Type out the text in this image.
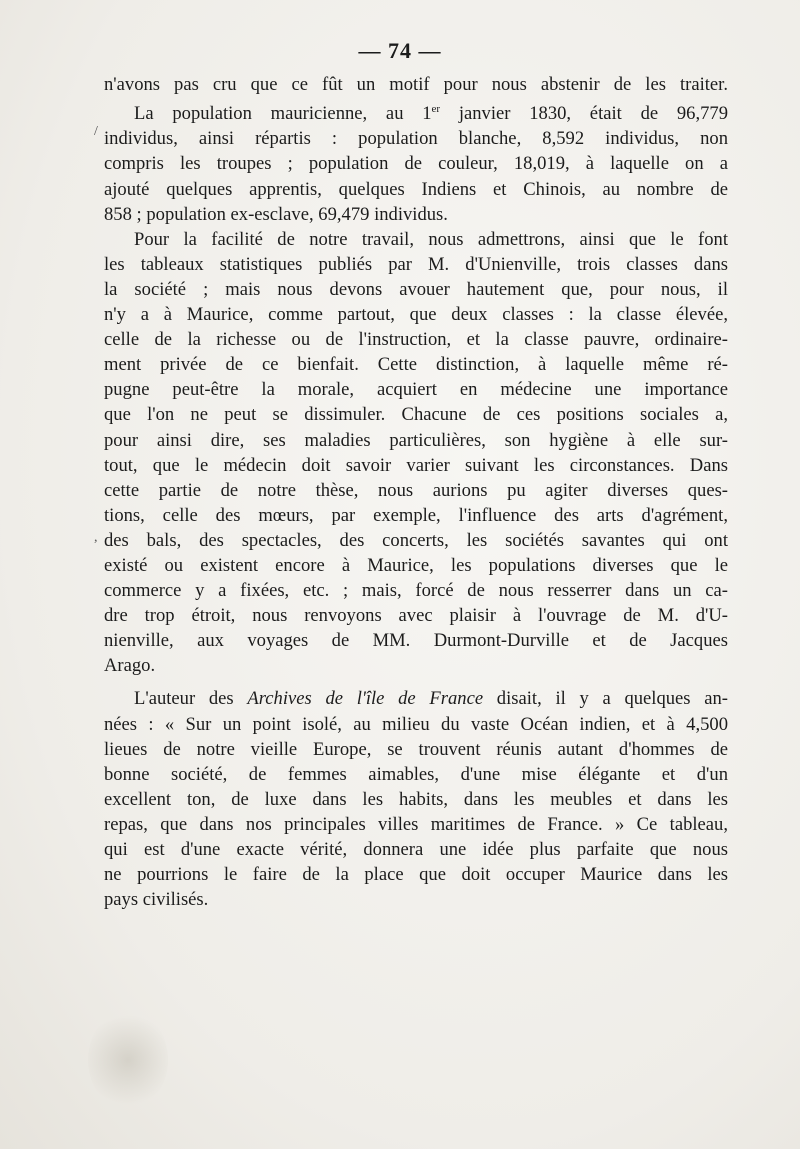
— 74 —
/
,
n'avons pas cru que ce fût un motif pour nous abstenir de les traiter.
La population mauricienne, au 1er janvier 1830, était de 96,779
individus, ainsi répartis : population blanche, 8,592 individus, non
compris les troupes ; population de couleur, 18,019, à laquelle on a
ajouté quelques apprentis, quelques Indiens et Chinois, au nombre de
858 ; population ex-esclave, 69,479 individus.
Pour la facilité de notre travail, nous admettrons, ainsi que le font
les tableaux statistiques publiés par M. d'Unienville, trois classes dans
la société ; mais nous devons avouer hautement que, pour nous, il
n'y a à Maurice, comme partout, que deux classes : la classe élevée,
celle de la richesse ou de l'instruction, et la classe pauvre, ordinaire-
ment privée de ce bienfait. Cette distinction, à laquelle même ré-
pugne peut-être la morale, acquiert en médecine une importance
que l'on ne peut se dissimuler. Chacune de ces positions sociales a,
pour ainsi dire, ses maladies particulières, son hygiène à elle sur-
tout, que le médecin doit savoir varier suivant les circonstances. Dans
cette partie de notre thèse, nous aurions pu agiter diverses ques-
tions, celle des mœurs, par exemple, l'influence des arts d'agrément,
des bals, des spectacles, des concerts, les sociétés savantes qui ont
existé ou existent encore à Maurice, les populations diverses que le
commerce y a fixées, etc. ; mais, forcé de nous resserrer dans un ca-
dre trop étroit, nous renvoyons avec plaisir à l'ouvrage de M. d'U-
nienville, aux voyages de MM. Durmont-Durville et de Jacques
Arago.
L'auteur des Archives de l'île de France disait, il y a quelques an-
nées : « Sur un point isolé, au milieu du vaste Océan indien, et à 4,500
lieues de notre vieille Europe, se trouvent réunis autant d'hommes de
bonne société, de femmes aimables, d'une mise élégante et d'un
excellent ton, de luxe dans les habits, dans les meubles et dans les
repas, que dans nos principales villes maritimes de France. » Ce tableau,
qui est d'une exacte vérité, donnera une idée plus parfaite que nous
ne pourrions le faire de la place que doit occuper Maurice dans les
pays civilisés.
